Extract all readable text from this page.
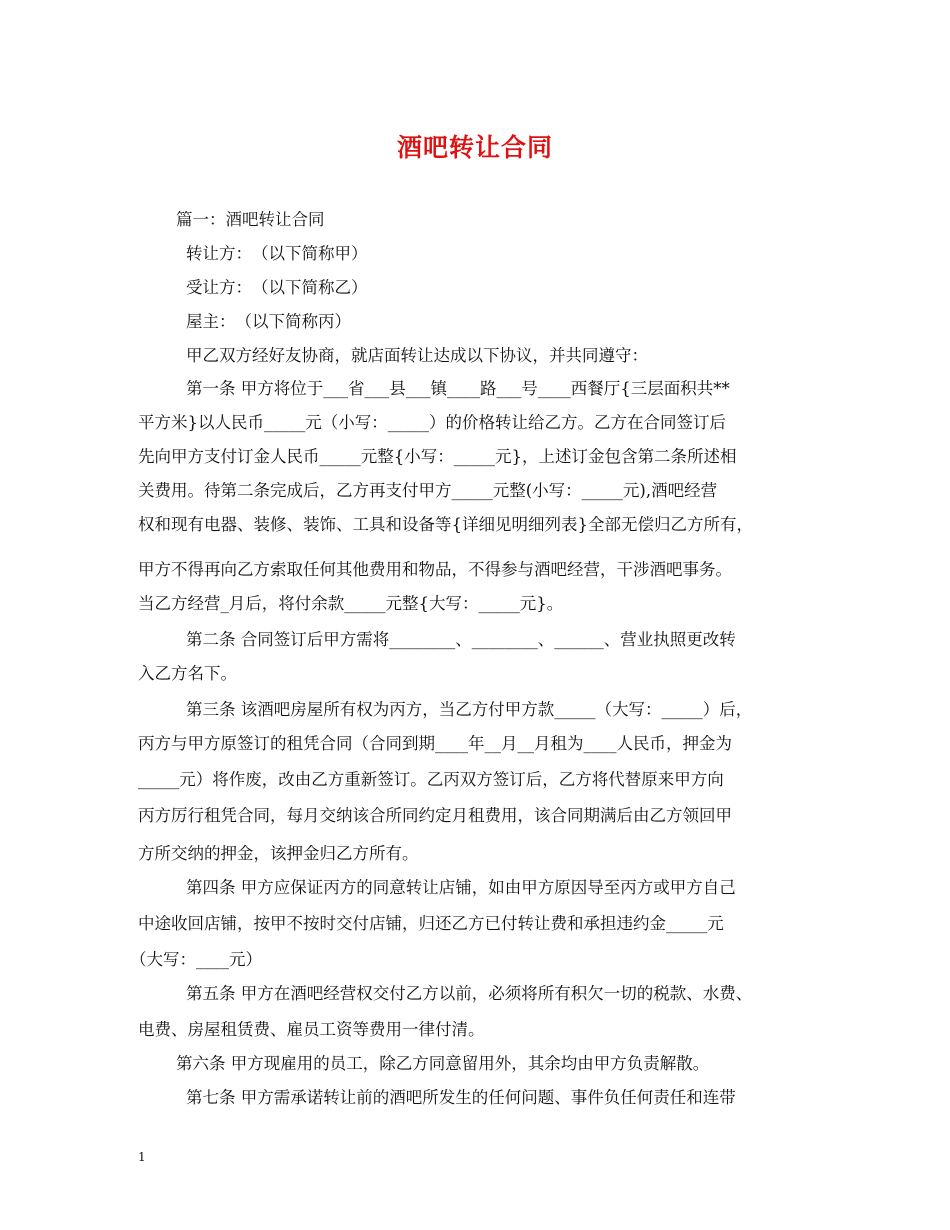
酒吧转让合同

篇一：酒吧转让合同

转让方：　（以下简称甲）

受让方：　（以下简称乙）

屋主：　（以下简称丙）

甲乙双方经好友协商，就店面转让达成以下协议，并共同遵守：

第一条 甲方将位于___省___县___镇____路___号____西餐厅{三层面积共**

平方米}以人民币_____元（小写：_____）的价格转让给乙方。乙方在合同签订后

先向甲方支付订金人民币_____元整{小写：_____元}，上述订金包含第二条所述相

关费用。待第二条完成后，乙方再支付甲方_____元整(小写：_____元),酒吧经营

权和现有电器、装修、装饰、工具和设备等{详细见明细列表}全部无偿归乙方所有，

甲方不得再向乙方索取任何其他费用和物品，不得参与酒吧经营，干涉酒吧事务。

当乙方经营_月后，将付余款_____元整{大写：_____元}。

第二条 合同签订后甲方需将________、________、______、营业执照更改转

入乙方名下。

第三条 该酒吧房屋所有权为丙方，当乙方付甲方款_____（大写：_____）后，

丙方与甲方原签订的租凭合同（合同到期____年__月__月租为____人民币，押金为

_____元）将作废，改由乙方重新签订。乙丙双方签订后，乙方将代替原来甲方向

丙方厉行租凭合同，每月交纳该合所同约定月租费用，该合同期满后由乙方领回甲

方所交纳的押金，该押金归乙方所有。

第四条 甲方应保证丙方的同意转让店铺，如由甲方原因导至丙方或甲方自己

中途收回店铺，按甲不按时交付店铺，归还乙方已付转让费和承担违约金_____元

（大写：____元）

第五条 甲方在酒吧经营权交付乙方以前，必须将所有积欠一切的税款、水费、

电费、房屋租赁费、雇员工资等费用一律付清。

第六条 甲方现雇用的员工，除乙方同意留用外，其余均由甲方负责解散。

第七条 甲方需承诺转让前的酒吧所发生的任何问题、事件负任何责任和连带

1
